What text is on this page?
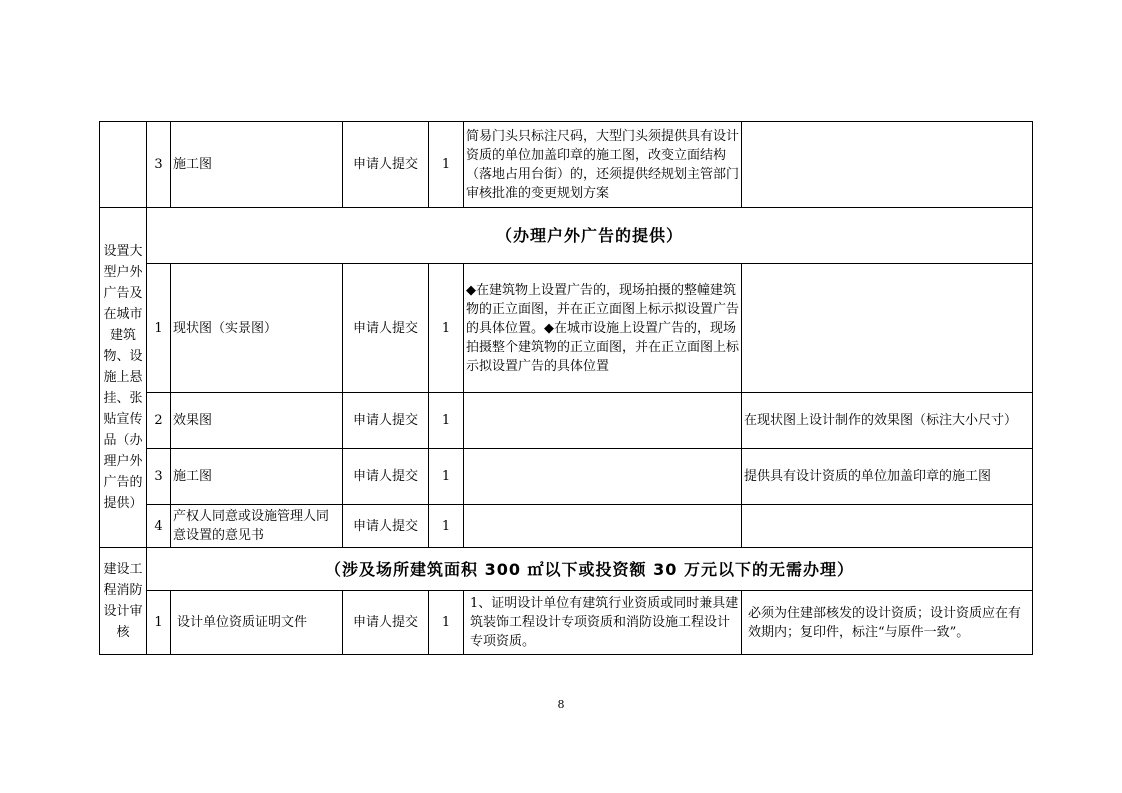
	3	施工图	申请人提交	1	简易门头只标注尺码，大型门头须提供具有设计资质的单位加盖印章的施工图，改变立面结构（落地占用台街）的，还须提供经规划主管部门审核批准的变更规划方案	
设置大型户外广告及在城市建筑物、设施上悬挂、张贴宣传品（办理户外广告的提供）	（办理户外广告的提供）					
	1	现状图（实景图）	申请人提交	1	◆在建筑物上设置广告的，现场拍摄的整幢建筑物的正立面图，并在正立面图上标示拟设置广告的具体位置。◆在城市设施上设置广告的，现场拍摄整个建筑物的正立面图，并在正立面图上标示拟设置广告的具体位置	
	2	效果图	申请人提交	1		在现状图上设计制作的效果图（标注大小尺寸）
	3	施工图	申请人提交	1		提供具有设计资质的单位加盖印章的施工图
	4	产权人同意或设施管理人同意设置的意见书	申请人提交	1		
建设工程消防设计审核	（涉及场所建筑面积 300 ㎡以下或投资额 30 万元以下的无需办理）					
	1	设计单位资质证明文件	申请人提交	1	1、证明设计单位有建筑行业资质或同时兼具建筑装饰工程设计专项资质和消防设施工程设计专项资质。	必须为住建部核发的设计资质；设计资质应在有效期内；复印件，标注“与原件一致”。
8
